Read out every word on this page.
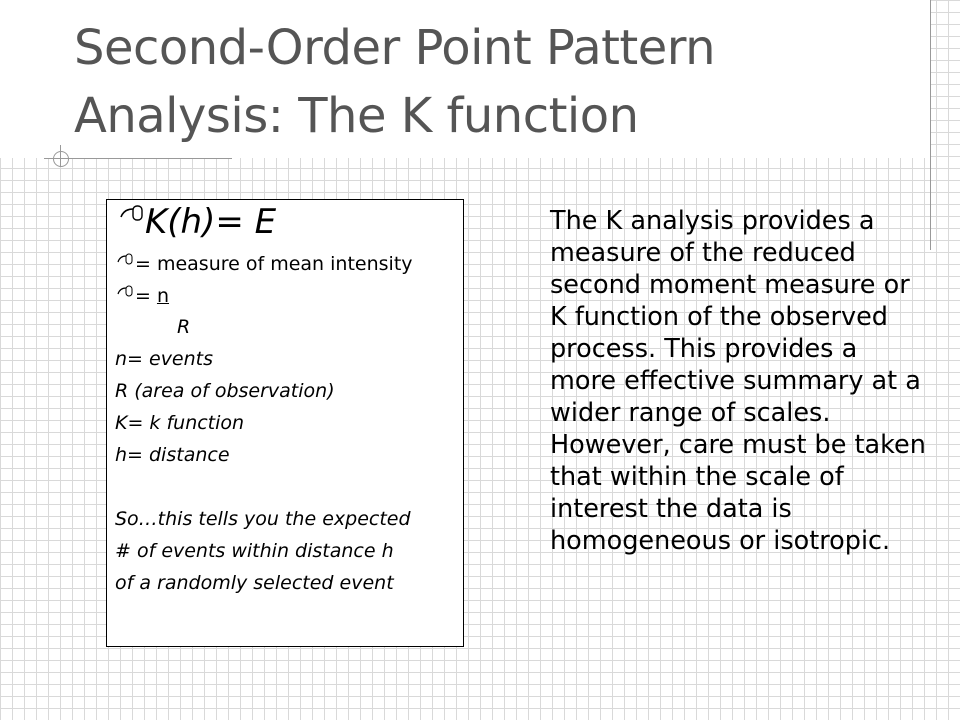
Second-Order Point Pattern Analysis: The K function
K(h)= E
= measure of mean intensity
= n
R
n= events
R (area of observation)
K= k function
h= distance
So…this tells you the expected
# of events within distance h
of a randomly selected event

The K analysis provides a measure of the reduced second moment measure or K function of the observed process. This provides a more effective summary at a wider range of scales. However, care must be taken that within the scale of interest the data is homogeneous or isotropic.
